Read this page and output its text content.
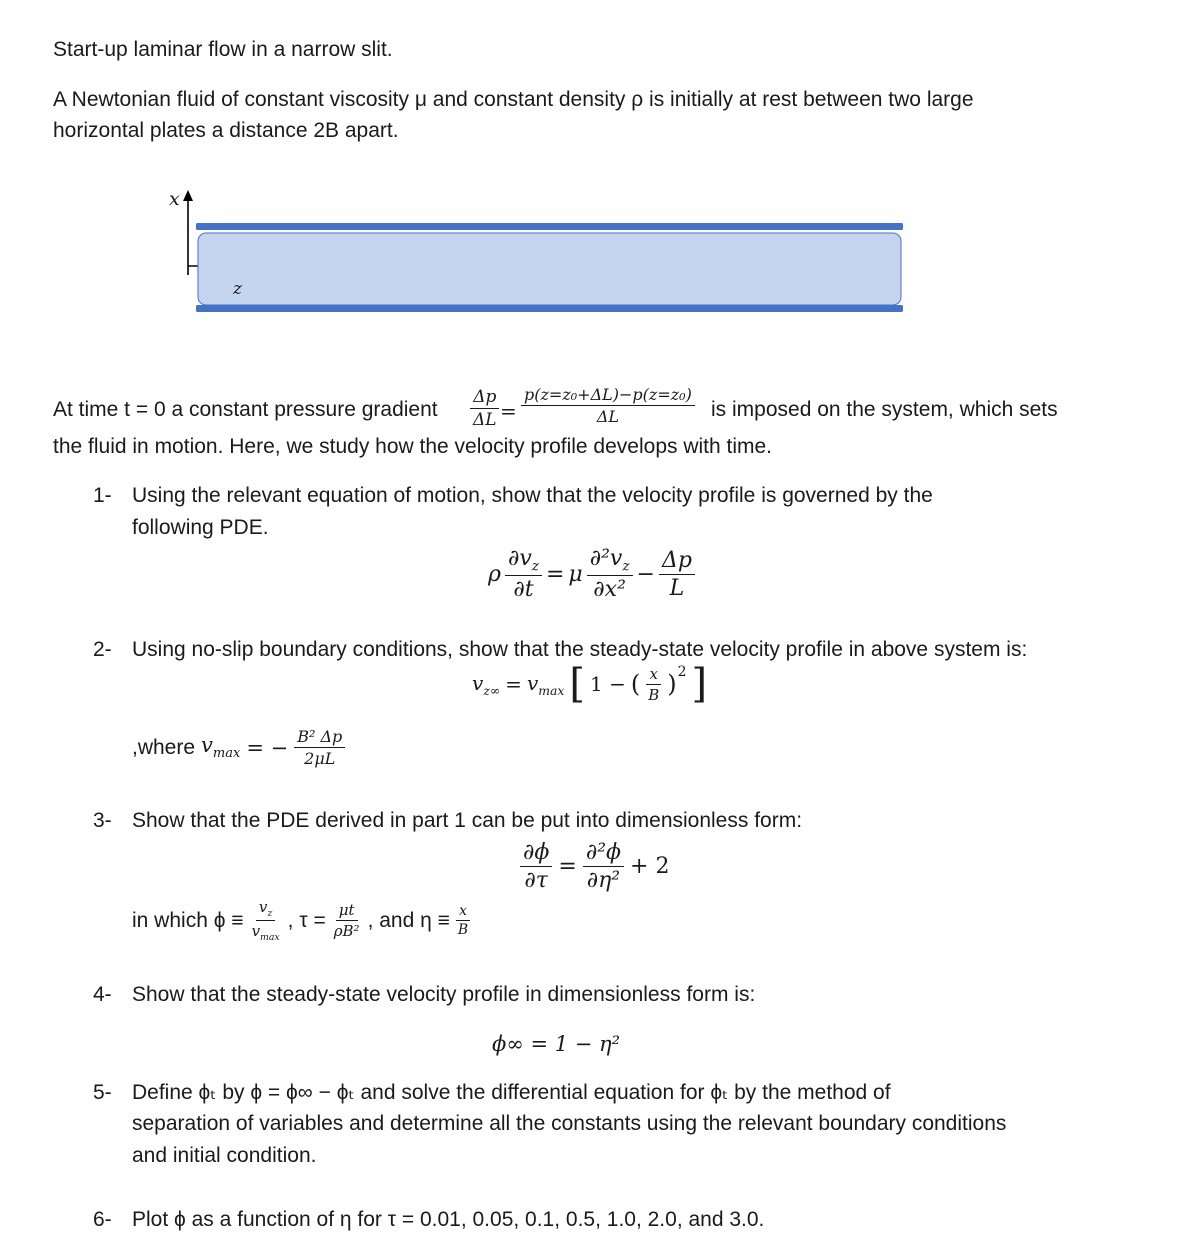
Start-up laminar flow in a narrow slit.
A Newtonian fluid of constant viscosity μ and constant density ρ is initially at rest between two large
horizontal plates a distance 2B apart.
x
z
At time t = 0 a constant pressure gradient $\frac{\Delta p}{\Delta L} = \frac{\text{p(z=z₀+ΔL)−p(z=z₀)}}{\Delta L}$ is imposed on the system, which sets
the fluid in motion. Here, we study how the velocity profile develops with time.
1- Using the relevant equation of motion, show that the velocity profile is governed by the
following PDE.
ρ $\frac{\partial v_z}{\partial t} = \mu \frac{\partial^2v_z}{\text{∂x²}} - \frac{\Delta p}{L}$
2- Using no-slip boundary conditions, show that the steady-state velocity profile in above system is:
$v_{z\infty} = v_{max}$ [ 1 − ( $\frac{x}{B} )^2$ ]
,where $v_{max}$ = − $\frac{\text{B² Δp}}{2\mu L}$
3- Show that the PDE derived in part 1 can be put into dimensionless form:
$\frac{\partial\phi}{\partial\tau} = \frac{\text{∂²ϕ}}{\text{∂η²}} + 2$
in which $\phi \equiv \frac{v_z}{v_{max}}$ , $\tau = \frac{\mu t}{\text{ρB²}}$ , and $\eta \equiv \frac{x}{B}$
4- Show that the steady-state velocity profile in dimensionless form is:
ϕ∞ = 1 − η²
5- Define ϕₜ by ϕ = ϕ∞ − ϕₜ and solve the differential equation for ϕₜ by the method of
separation of variables and determine all the constants using the relevant boundary conditions
and initial condition.
6- Plot ϕ as a function of η for τ = 0.01, 0.05, 0.1, 0.5, 1.0, 2.0, and 3.0.
